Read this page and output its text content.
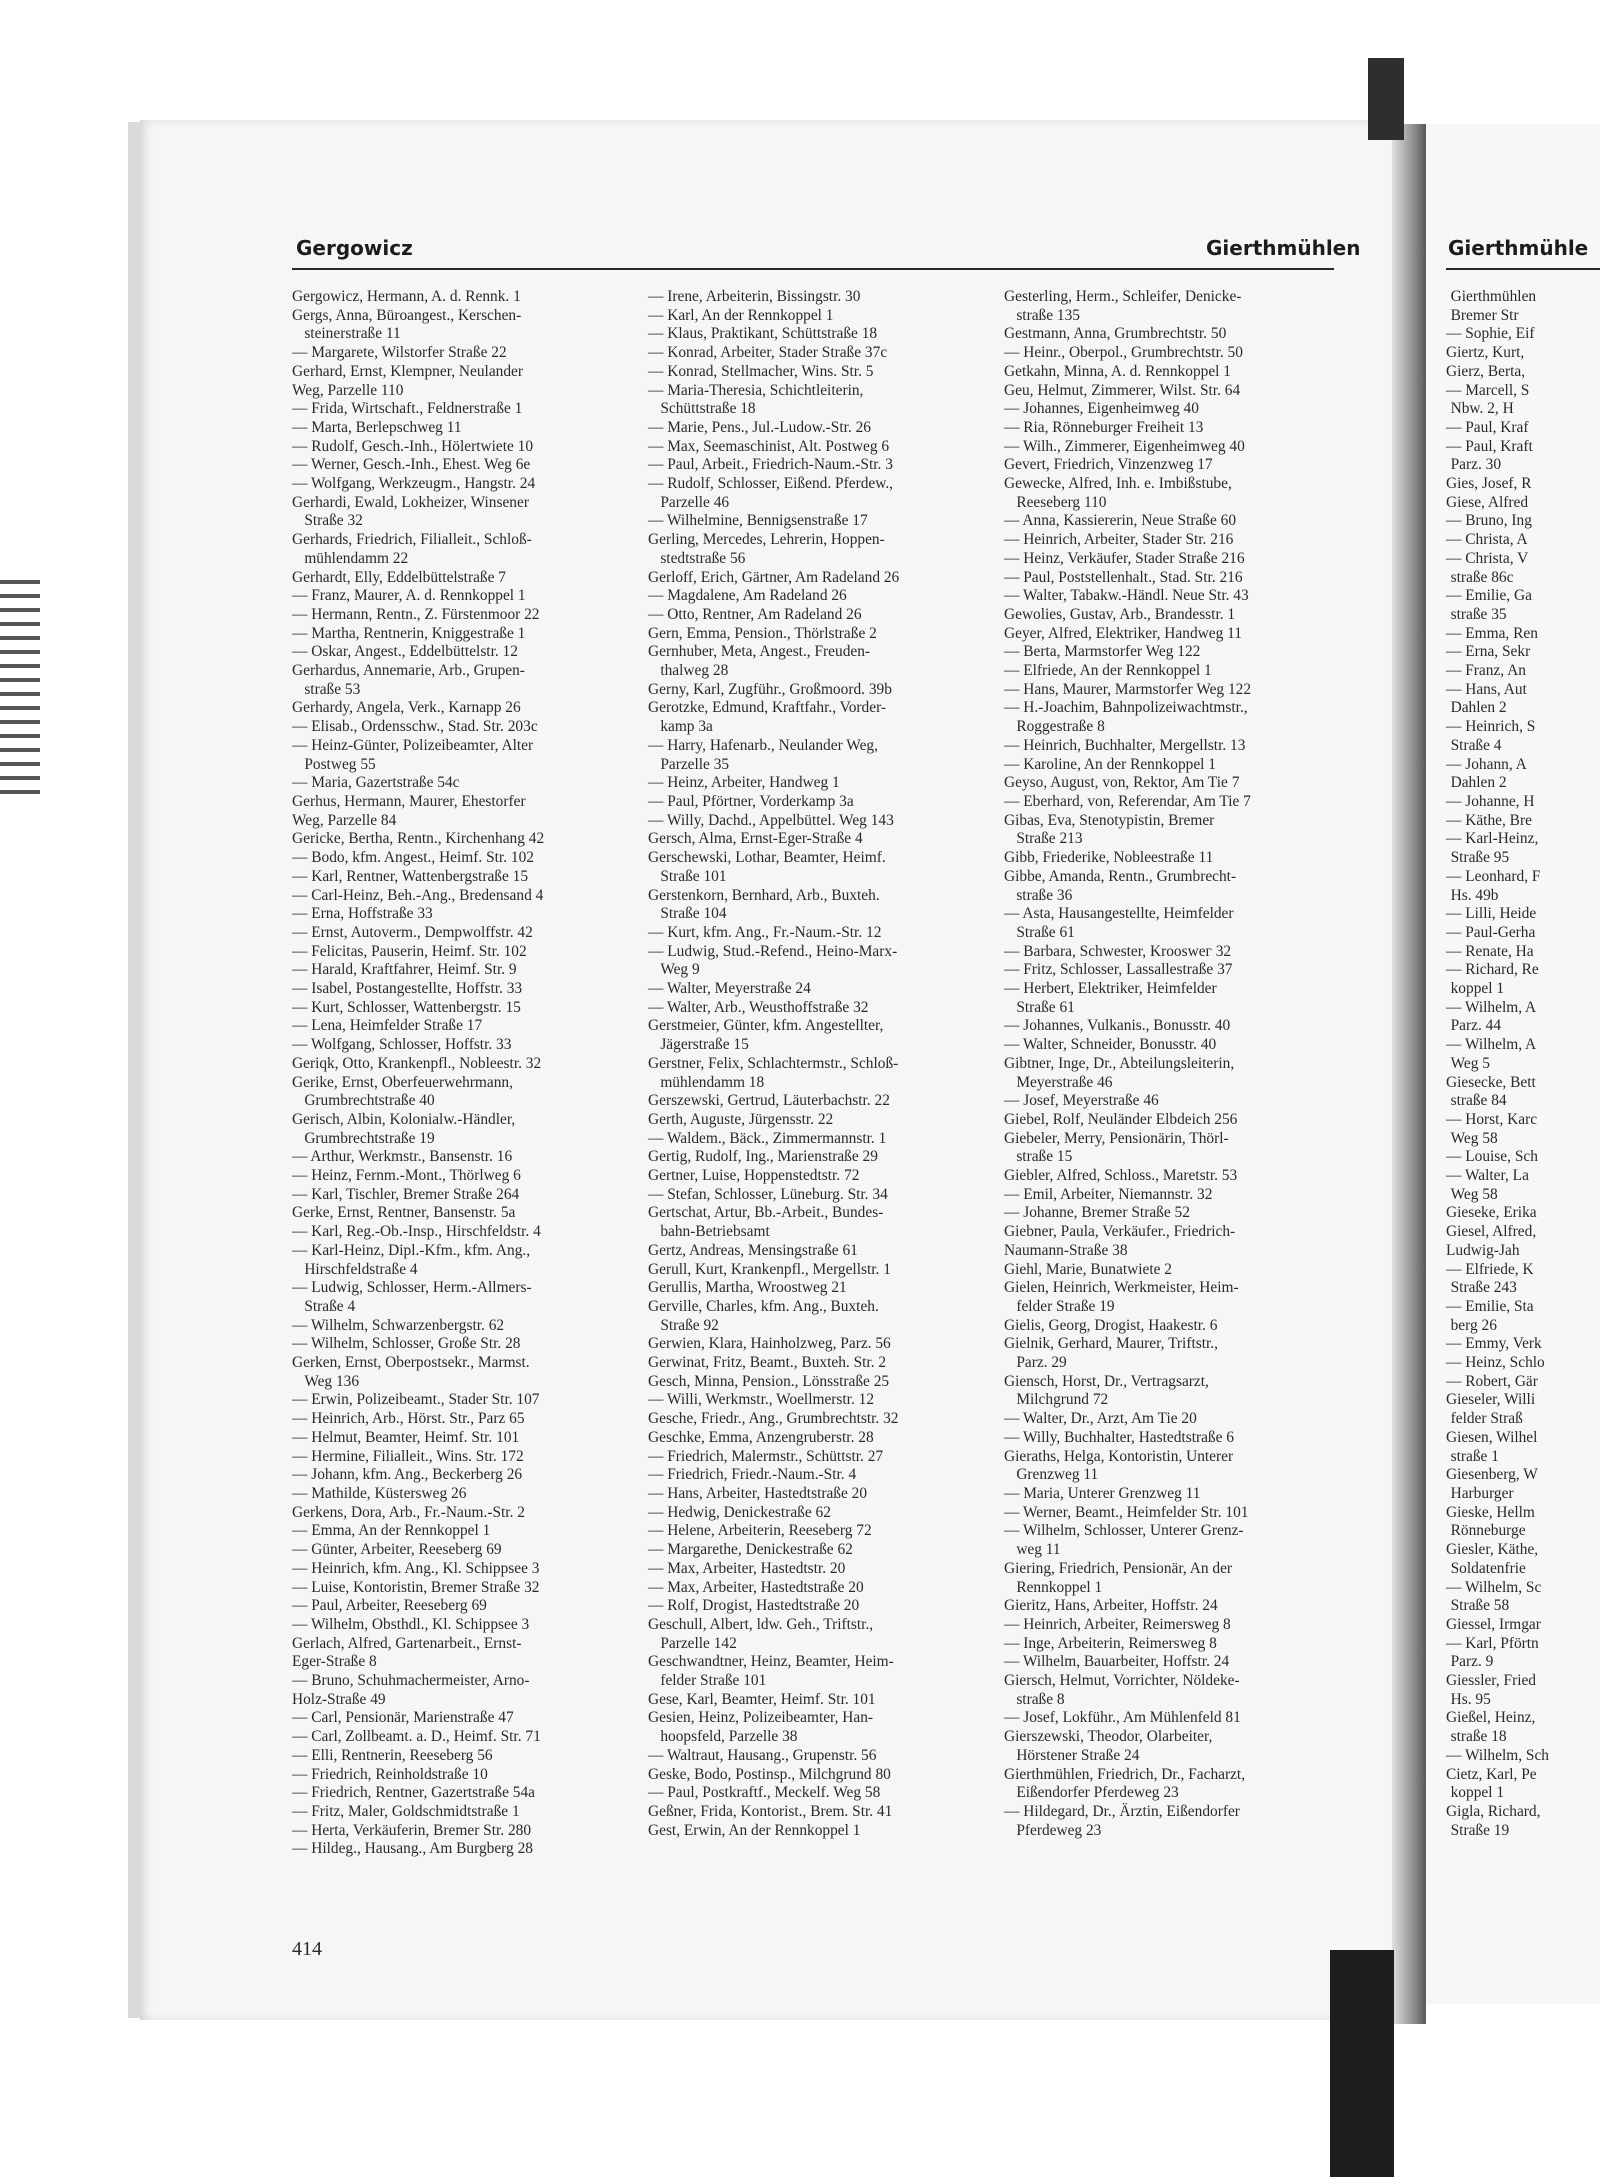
Gergowicz	Gierthmühlen	Gierthmühle
Gergowicz, Hermann, A. d. Rennk. 1
Gergs, Anna, Büroangest., Kerschen-
steinerstraße 11
— Margarete, Wilstorfer Straße 22
Gerhard, Ernst, Klempner, Neulander
Weg, Parzelle 110
— Frida, Wirtschaft., Feldnerstraße 1
— Marta, Berlepschweg 11
— Rudolf, Gesch.-Inh., Hölertwiete 10
— Werner, Gesch.-Inh., Ehest. Weg 6e
— Wolfgang, Werkzeugm., Hangstr. 24
Gerhardi, Ewald, Lokheizer, Winsener
Straße 32
Gerhards, Friedrich, Filialleit., Schloß-
mühlendamm 22
Gerhardt, Elly, Eddelbüttelstraße 7
— Franz, Maurer, A. d. Rennkoppel 1
— Hermann, Rentn., Z. Fürstenmoor 22
— Martha, Rentnerin, Kniggestraße 1
— Oskar, Angest., Eddelbüttelstr. 12
Gerhardus, Annemarie, Arb., Grupen-
straße 53
Gerhardy, Angela, Verk., Karnapp 26
— Elisab., Ordensschw., Stad. Str. 203c
— Heinz-Günter, Polizeibeamter, Alter
Postweg 55
— Maria, Gazertstraße 54c
Gerhus, Hermann, Maurer, Ehestorfer
Weg, Parzelle 84
Gericke, Bertha, Rentn., Kirchenhang 42
— Bodo, kfm. Angest., Heimf. Str. 102
— Karl, Rentner, Wattenbergstraße 15
— Carl-Heinz, Beh.-Ang., Bredensand 4
— Erna, Hoffstraße 33
— Ernst, Autoverm., Dempwolffstr. 42
— Felicitas, Pauserin, Heimf. Str. 102
— Harald, Kraftfahrer, Heimf. Str. 9
— Isabel, Postangestellte, Hoffstr. 33
— Kurt, Schlosser, Wattenbergstr. 15
— Lena, Heimfelder Straße 17
— Wolfgang, Schlosser, Hoffstr. 33
Geriqk, Otto, Krankenpfl., Nobleestr. 32
Gerike, Ernst, Oberfeuerwehrmann,
Grumbrechtstraße 40
Gerisch, Albin, Kolonialw.-Händler,
Grumbrechtstraße 19
— Arthur, Werkmstr., Bansenstr. 16
— Heinz, Fernm.-Mont., Thörlweg 6
— Karl, Tischler, Bremer Straße 264
Gerke, Ernst, Rentner, Bansenstr. 5a
— Karl, Reg.-Ob.-Insp., Hirschfeldstr. 4
— Karl-Heinz, Dipl.-Kfm., kfm. Ang.,
Hirschfeldstraße 4
— Ludwig, Schlosser, Herm.-Allmers-
Straße 4
— Wilhelm, Schwarzenbergstr. 62
— Wilhelm, Schlosser, Große Str. 28
Gerken, Ernst, Oberpostsekr., Marmst.
Weg 136
— Erwin, Polizeibeamt., Stader Str. 107
— Heinrich, Arb., Hörst. Str., Parz 65
— Helmut, Beamter, Heimf. Str. 101
— Hermine, Filialleit., Wins. Str. 172
— Johann, kfm. Ang., Beckerberg 26
— Mathilde, Küstersweg 26
Gerkens, Dora, Arb., Fr.-Naum.-Str. 2
— Emma, An der Rennkoppel 1
— Günter, Arbeiter, Reeseberg 69
— Heinrich, kfm. Ang., Kl. Schippsee 3
— Luise, Kontoristin, Bremer Straße 32
— Paul, Arbeiter, Reeseberg 69
— Wilhelm, Obsthdl., Kl. Schippsee 3
Gerlach, Alfred, Gartenarbeit., Ernst-
Eger-Straße 8
— Bruno, Schuhmachermeister, Arno-
Holz-Straße 49
— Carl, Pensionär, Marienstraße 47
— Carl, Zollbeamt. a. D., Heimf. Str. 71
— Elli, Rentnerin, Reeseberg 56
— Friedrich, Reinholdstraße 10
— Friedrich, Rentner, Gazertstraße 54a
— Fritz, Maler, Goldschmidtstraße 1
— Herta, Verkäuferin, Bremer Str. 280
— Hildeg., Hausang., Am Burgberg 28
— Irene, Arbeiterin, Bissingstr. 30
— Karl, An der Rennkoppel 1
— Klaus, Praktikant, Schüttstraße 18
— Konrad, Arbeiter, Stader Straße 37c
— Konrad, Stellmacher, Wins. Str. 5
— Maria-Theresia, Schichtleiterin,
Schüttstraße 18
— Marie, Pens., Jul.-Ludow.-Str. 26
— Max, Seemaschinist, Alt. Postweg 6
— Paul, Arbeit., Friedrich-Naum.-Str. 3
— Rudolf, Schlosser, Eißend. Pferdew.,
Parzelle 46
— Wilhelmine, Bennigsenstraße 17
Gerling, Mercedes, Lehrerin, Hoppen-
stedtstraße 56
Gerloff, Erich, Gärtner, Am Radeland 26
— Magdalene, Am Radeland 26
— Otto, Rentner, Am Radeland 26
Gern, Emma, Pension., Thörlstraße 2
Gernhuber, Meta, Angest., Freuden-
thalweg 28
Gerny, Karl, Zugführ., Großmoord. 39b
Gerotzke, Edmund, Kraftfahr., Vorder-
kamp 3a
— Harry, Hafenarb., Neulander Weg,
Parzelle 35
— Heinz, Arbeiter, Handweg 1
— Paul, Pförtner, Vorderkamp 3a
— Willy, Dachd., Appelbüttel. Weg 143
Gersch, Alma, Ernst-Eger-Straße 4
Gerschewski, Lothar, Beamter, Heimf.
Straße 101
Gerstenkorn, Bernhard, Arb., Buxteh.
Straße 104
— Kurt, kfm. Ang., Fr.-Naum.-Str. 12
— Ludwig, Stud.-Refend., Heino-Marx-
Weg 9
— Walter, Meyerstraße 24
— Walter, Arb., Weusthoffstraße 32
Gerstmeier, Günter, kfm. Angestellter,
Jägerstraße 15
Gerstner, Felix, Schlachtermstr., Schloß-
mühlendamm 18
Gerszewski, Gertrud, Läuterbachstr. 22
Gerth, Auguste, Jürgensstr. 22
— Waldem., Bäck., Zimmermannstr. 1
Gertig, Rudolf, Ing., Marienstraße 29
Gertner, Luise, Hoppenstedtstr. 72
— Stefan, Schlosser, Lüneburg. Str. 34
Gertschat, Artur, Bb.-Arbeit., Bundes-
bahn-Betriebsamt
Gertz, Andreas, Mensingstraße 61
Gerull, Kurt, Krankenpfl., Mergellstr. 1
Gerullis, Martha, Wroostweg 21
Gerville, Charles, kfm. Ang., Buxteh.
Straße 92
Gerwien, Klara, Hainholzweg, Parz. 56
Gerwinat, Fritz, Beamt., Buxteh. Str. 2
Gesch, Minna, Pension., Lönsstraße 25
— Willi, Werkmstr., Woellmerstr. 12
Gesche, Friedr., Ang., Grumbrechtstr. 32
Geschke, Emma, Anzengruberstr. 28
— Friedrich, Malermstr., Schüttstr. 27
— Friedrich, Friedr.-Naum.-Str. 4
— Hans, Arbeiter, Hastedtstraße 20
— Hedwig, Denickestraße 62
— Helene, Arbeiterin, Reeseberg 72
— Margarethe, Denickestraße 62
— Max, Arbeiter, Hastedtstr. 20
— Max, Arbeiter, Hastedtstraße 20
— Rolf, Drogist, Hastedtstraße 20
Geschull, Albert, ldw. Geh., Triftstr.,
Parzelle 142
Geschwandtner, Heinz, Beamter, Heim-
felder Straße 101
Gese, Karl, Beamter, Heimf. Str. 101
Gesien, Heinz, Polizeibeamter, Han-
hoopsfeld, Parzelle 38
— Waltraut, Hausang., Grupenstr. 56
Geske, Bodo, Postinsp., Milchgrund 80
— Paul, Postkraftf., Meckelf. Weg 58
Geßner, Frida, Kontorist., Brem. Str. 41
Gest, Erwin, An der Rennkoppel 1
Gesterling, Herm., Schleifer, Denicke-
straße 135
Gestmann, Anna, Grumbrechtstr. 50
— Heinr., Oberpol., Grumbrechtstr. 50
Getkahn, Minna, A. d. Rennkoppel 1
Geu, Helmut, Zimmerer, Wilst. Str. 64
— Johannes, Eigenheimweg 40
— Ria, Rönneburger Freiheit 13
— Wilh., Zimmerer, Eigenheimweg 40
Gevert, Friedrich, Vinzenzweg 17
Gewecke, Alfred, Inh. e. Imbißstube,
Reeseberg 110
— Anna, Kassiererin, Neue Straße 60
— Heinrich, Arbeiter, Stader Str. 216
— Heinz, Verkäufer, Stader Straße 216
— Paul, Poststellenhalt., Stad. Str. 216
— Walter, Tabakw.-Händl. Neue Str. 43
Gewolies, Gustav, Arb., Brandesstr. 1
Geyer, Alfred, Elektriker, Handweg 11
— Berta, Marmstorfer Weg 122
— Elfriede, An der Rennkoppel 1
— Hans, Maurer, Marmstorfer Weg 122
— H.-Joachim, Bahnpolizeiwachtmstr.,
Roggestraße 8
— Heinrich, Buchhalter, Mergellstr. 13
— Karoline, An der Rennkoppel 1
Geyso, August, von, Rektor, Am Tie 7
— Eberhard, von, Referendar, Am Tie 7
Gibas, Eva, Stenotypistin, Bremer
Straße 213
Gibb, Friederike, Nobleestraße 11
Gibbe, Amanda, Rentn., Grumbrecht-
straße 36
— Asta, Hausangestellte, Heimfelder
Straße 61
— Barbara, Schwester, Krooswег 32
— Fritz, Schlosser, Lassallestraße 37
— Herbert, Elektriker, Heimfelder
Straße 61
— Johannes, Vulkanis., Bonusstr. 40
— Walter, Schneider, Bonusstr. 40
Gibtner, Inge, Dr., Abteilungsleiterin,
Meyerstraße 46
— Josef, Meyerstraße 46
Giebel, Rolf, Neuländer Elbdeich 256
Giebeler, Merry, Pensionärin, Thörl-
straße 15
Giebler, Alfred, Schloss., Maretstr. 53
— Emil, Arbeiter, Niemannstr. 32
— Johanne, Bremer Straße 52
Giebner, Paula, Verkäufer., Friedrich-
Naumann-Straße 38
Giehl, Marie, Bunatwiete 2
Gielen, Heinrich, Werkmeister, Heim-
felder Straße 19
Gielis, Georg, Drogist, Haakestr. 6
Gielnik, Gerhard, Maurer, Triftstr.,
Parz. 29
Giensch, Horst, Dr., Vertragsarzt,
Milchgrund 72
— Walter, Dr., Arzt, Am Tie 20
— Willy, Buchhalter, Hastedtstraße 6
Gieraths, Helga, Kontoristin, Unterer
Grenzweg 11
— Maria, Unterer Grenzweg 11
— Werner, Beamt., Heimfelder Str. 101
— Wilhelm, Schlosser, Unterer Grenz-
weg 11
Giering, Friedrich, Pensionär, An der
Rennkoppel 1
Gieritz, Hans, Arbeiter, Hoffstr. 24
— Heinrich, Arbeiter, Reimersweg 8
— Inge, Arbeiterin, Reimersweg 8
— Wilhelm, Bauarbeiter, Hoffstr. 24
Giersch, Helmut, Vorrichter, Nöldeke-
straße 8
— Josef, Lokführ., Am Mühlenfeld 81
Gierszewski, Theodor, Olarbeiter,
Hörstener Straße 24
Gierthmühlen, Friedrich, Dr., Facharzt,
Eißendorfer Pferdeweg 23
— Hildegard, Dr., Ärztin, Eißendorfer
Pferdeweg 23
Gierthmühlen
Bremer Str
— Sophie, Eif
Giertz, Kurt,
Gierz, Berta,
— Marcell, S
Nbw. 2, H
— Paul, Kraf
— Paul, Kraft
Parz. 30
Gies, Josef, R
Giese, Alfred
— Bruno, Ing
— Christa, A
— Christa, V
straße 86c
— Emilie, Ga
straße 35
— Emma, Ren
— Erna, Sekr
— Franz, An
— Hans, Aut
Dahlen 2
— Heinrich, S
Straße 4
— Johann, A
Dahlen 2
— Johanne, H
— Käthe, Bre
— Karl-Heinz,
Straße 95
— Leonhard, F
Hs. 49b
— Lilli, Heide
— Paul-Gerha
— Renate, Ha
— Richard, Re
koppel 1
— Wilhelm, A
Parz. 44
— Wilhelm, A
Weg 5
Giesecke, Bett
straße 84
— Horst, Karc
Weg 58
— Louise, Sch
— Walter, La
Weg 58
Gieseke, Erika
Giesel, Alfred,
Ludwig-Jah
— Elfriede, K
Straße 243
— Emilie, Sta
berg 26
— Emmy, Verk
— Heinz, Schlo
— Robert, Gär
Gieseler, Willi
felder Straß
Giesen, Wilhel
straße 1
Giesenberg, W
Harburger
Gieske, Hellm
Rönneburge
Giesler, Käthe,
Soldatenfrie
— Wilhelm, Sc
Straße 58
Giessel, Irmgar
— Karl, Pförtn
Parz. 9
Giessler, Fried
Hs. 95
Gießel, Heinz,
straße 18
— Wilhelm, Sch
Cietz, Karl, Pe
koppel 1
Gigla, Richard,
Straße 19
414
